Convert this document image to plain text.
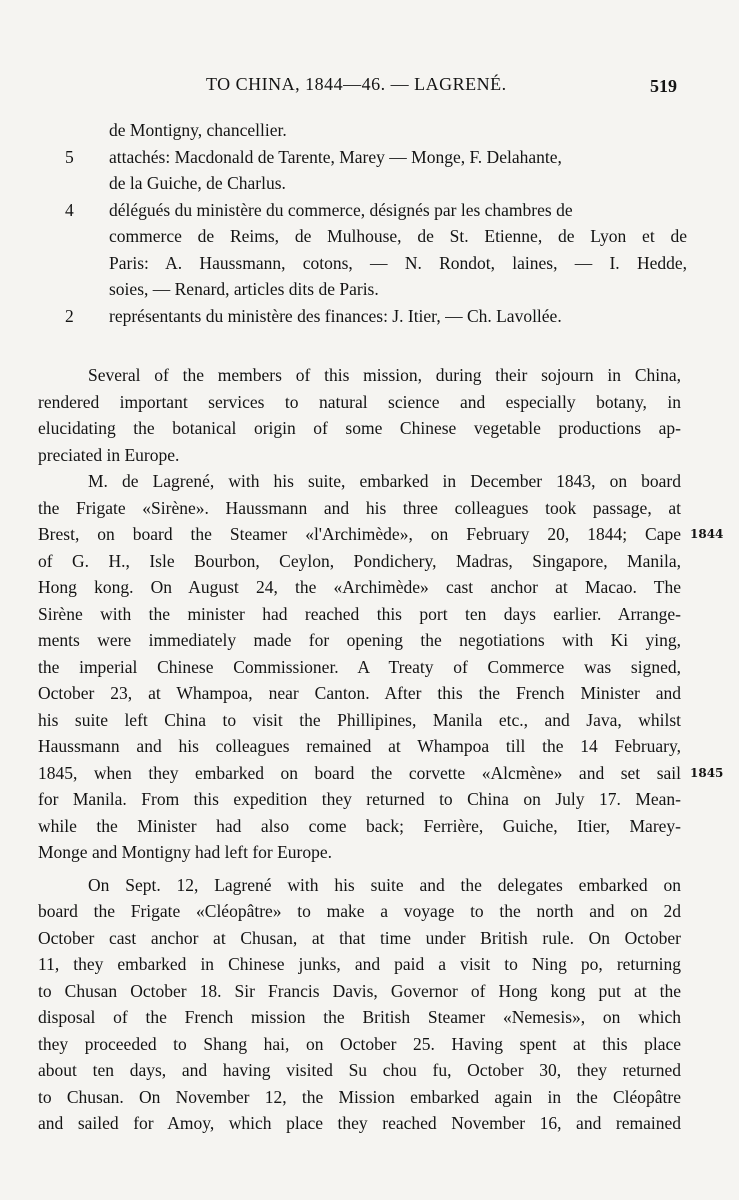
TO CHINA, 1844—46. — LAGRENÉ.	519
de Montigny, chancellier.
5 attachés: Macdonald de Tarente, Marey — Monge, F. Delahante,
de la Guiche, de Charlus.
4 délégués du ministère du commerce, désignés par les chambres de
commerce de Reims, de Mulhouse, de St. Etienne, de Lyon et de
Paris: A. Haussmann, cotons, — N. Rondot, laines, — I. Hedde,
soies, — Renard, articles dits de Paris.
2 représentants du ministère des finances: J. Itier, — Ch. Lavollée.
Several of the members of this mission, during their sojourn in China,
rendered important services to natural science and especially botany, in
elucidating the botanical origin of some Chinese vegetable productions ap-
preciated in Europe.
M. de Lagrené, with his suite, embarked in December 1843, on board
the Frigate «Sirène». Haussmann and his three colleagues took passage, at
Brest, on board the Steamer «l'Archimède», on February 20, 1844; Cape
of G. H., Isle Bourbon, Ceylon, Pondichery, Madras, Singapore, Manila,
Hong kong. On August 24, the «Archimède» cast anchor at Macao. The
Sirène with the minister had reached this port ten days earlier. Arrange-
ments were immediately made for opening the negotiations with Ki ying,
the imperial Chinese Commissioner. A Treaty of Commerce was signed,
October 23, at Whampoa, near Canton. After this the French Minister and
his suite left China to visit the Phillipines, Manila etc., and Java, whilst
Haussmann and his colleagues remained at Whampoa till the 14 February,
1845, when they embarked on board the corvette «Alcmène» and set sail
for Manila. From this expedition they returned to China on July 17. Mean-
while the Minister had also come back; Ferrière, Guiche, Itier, Marey-
Monge and Montigny had left for Europe.
On Sept. 12, Lagrené with his suite and the delegates embarked on
board the Frigate «Cléopâtre» to make a voyage to the north and on 2d
October cast anchor at Chusan, at that time under British rule. On October
11, they embarked in Chinese junks, and paid a visit to Ning po, returning
to Chusan October 18. Sir Francis Davis, Governor of Hong kong put at the
disposal of the French mission the British Steamer «Nemesis», on which
they proceeded to Shang hai, on October 25. Having spent at this place
about ten days, and having visited Su chou fu, October 30, they returned
to Chusan. On November 12, the Mission embarked again in the Cléopâtre
and sailed for Amoy, which place they reached November 16, and remained
1844
1845
